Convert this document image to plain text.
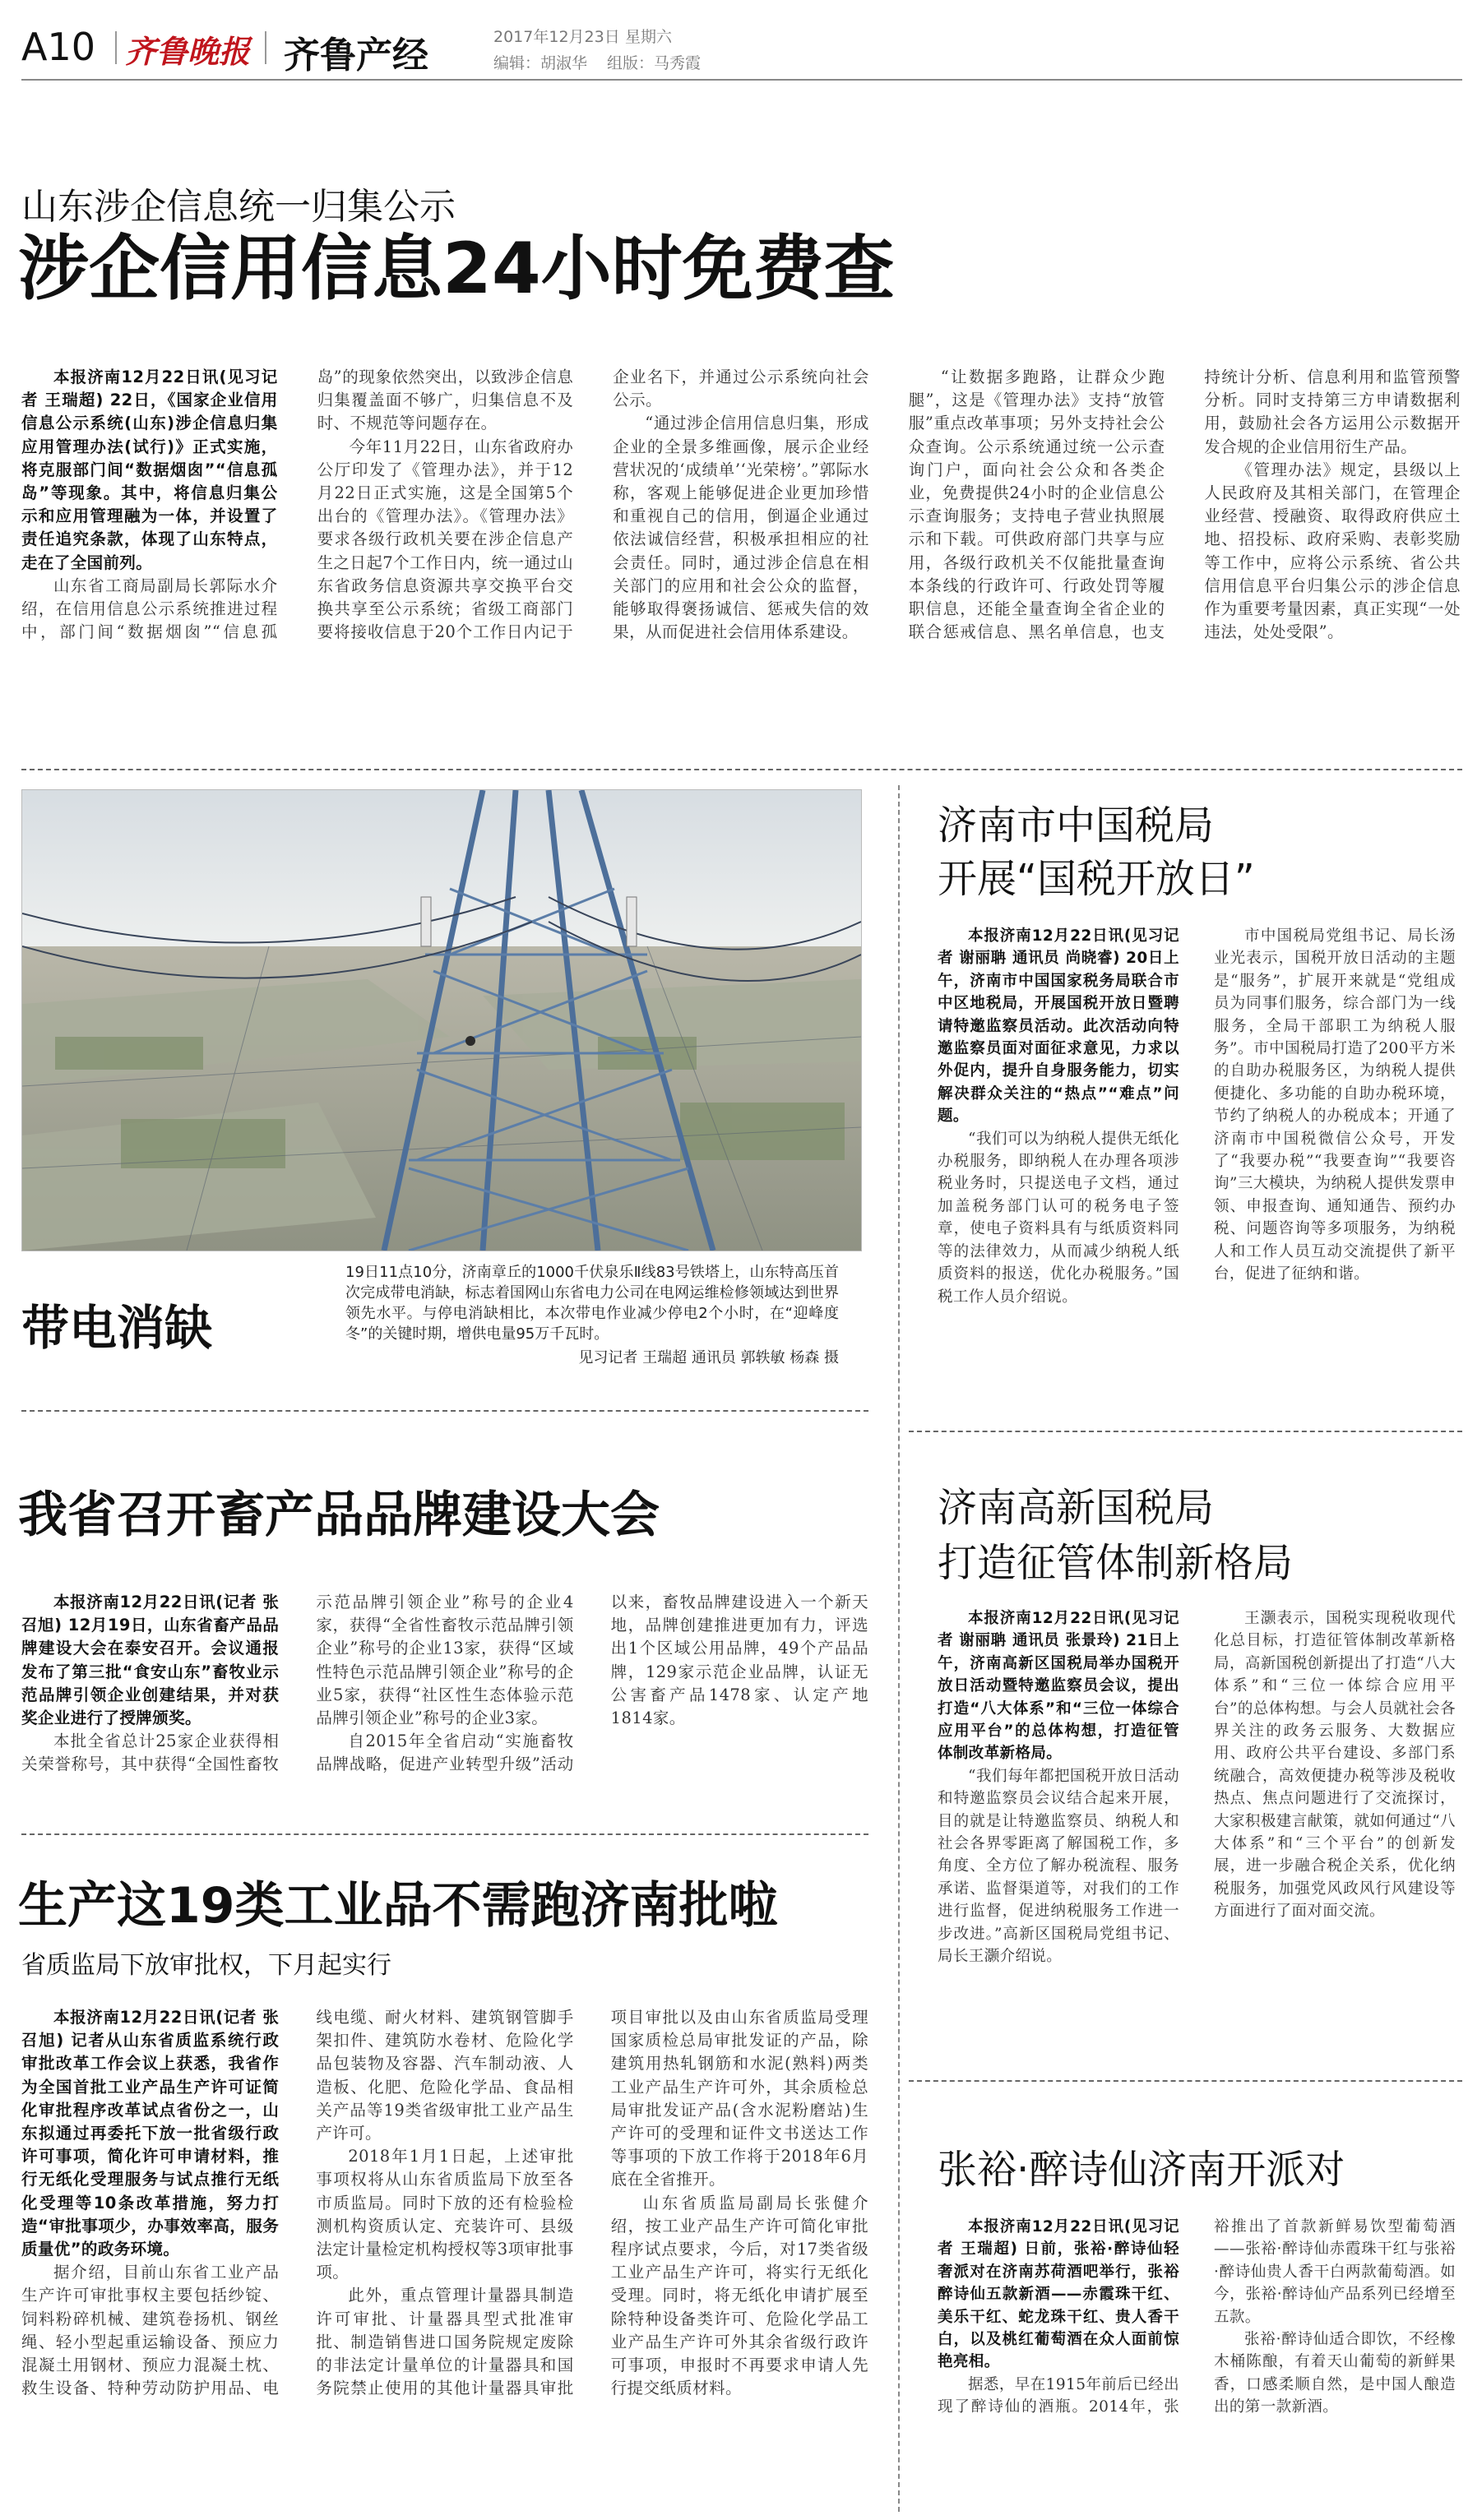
A10 齐鲁晚报 齐鲁产经	2017年12月23日 星期六
编辑：胡淑华 组版：马秀霞
山东涉企信息统一归集公示
涉企信用信息24小时免费查

本报济南12月22日讯(见习记者 王瑞超) 22日，《国家企业信用信息公示系统(山东)涉企信息归集应用管理办法(试行)》正式实施，将克服部门间“数据烟囱”“信息孤岛”等现象。其中，将信息归集公示和应用管理融为一体，并设置了责任追究条款，体现了山东特点，走在了全国前列。

山东省工商局副局长郭际水介绍，在信用信息公示系统推进过程中，部门间“数据烟囱”“信息孤岛”的现象依然突出，以致涉企信息归集覆盖面不够广，归集信息不及时、不规范等问题存在。

今年11月22日，山东省政府办公厅印发了《管理办法》，并于12月22日正式实施，这是全国第5个出台的《管理办法》。《管理办法》要求各级行政机关要在涉企信息产生之日起7个工作日内，统一通过山东省政务信息资源共享交换平台交换共享至公示系统；省级工商部门要将接收信息于20个工作日内记于企业名下，并通过公示系统向社会公示。

“通过涉企信用信息归集，形成企业的全景多维画像，展示企业经营状况的‘成绩单’‘光荣榜’。”郭际水称，客观上能够促进企业更加珍惜和重视自己的信用，倒逼企业通过依法诚信经营，积极承担相应的社会责任。同时，通过涉企信息在相关部门的应用和社会公众的监督，能够取得褒扬诚信、惩戒失信的效果，从而促进社会信用体系建设。

“让数据多跑路，让群众少跑腿”，这是《管理办法》支持“放管服”重点改革事项；另外支持社会公众查询。公示系统通过统一公示查询门户，面向社会公众和各类企业，免费提供24小时的企业信息公示查询服务；支持电子营业执照展示和下载。可供政府部门共享与应用，各级行政机关不仅能批量查询本条线的行政许可、行政处罚等履职信息，还能全量查询全省企业的联合惩戒信息、黑名单信息，也支持统计分析、信息利用和监管预警分析。同时支持第三方申请数据利用，鼓励社会各方运用公示数据开发合规的企业信用衍生产品。

《管理办法》规定，县级以上人民政府及其相关部门，在管理企业经营、授融资、取得政府供应土地、招投标、政府采购、表彰奖励等工作中，应将公示系统、省公共信用信息平台归集公示的涉企信息作为重要考量因素，真正实现“一处违法，处处受限”。

19日11点10分，济南章丘的1000千伏泉乐Ⅱ线83号铁塔上，山东特高压首次完成带电消缺，标志着国网山东省电力公司在电网运维检修领域达到世界领先水平。与停电消缺相比，本次带电作业减少停电2个小时，在“迎峰度冬”的关键时期，增供电量95万千瓦时。
见习记者 王瑞超 通讯员 郭轶敏 杨森 摄
带电消缺
济南市中国税局
开展“国税开放日”

本报济南12月22日讯(见习记者 谢丽聃 通讯员 尚晓睿) 20日上午，济南市中国国家税务局联合市中区地税局，开展国税开放日暨聘请特邀监察员活动。此次活动向特邀监察员面对面征求意见，力求以外促内，提升自身服务能力，切实解决群众关注的“热点”“难点”问题。

“我们可以为纳税人提供无纸化办税服务，即纳税人在办理各项涉税业务时，只提送电子文档，通过加盖税务部门认可的税务电子签章，使电子资料具有与纸质资料同等的法律效力，从而减少纳税人纸质资料的报送，优化办税服务。”国税工作人员介绍说。

市中国税局党组书记、局长汤业光表示，国税开放日活动的主题是“服务”，扩展开来就是“党组成员为同事们服务，综合部门为一线服务，全局干部职工为纳税人服务”。市中国税局打造了200平方米的自助办税服务区，为纳税人提供便捷化、多功能的自助办税环境，节约了纳税人的办税成本；开通了济南市中国税微信公众号，开发了“我要办税”“我要查询”“我要咨询”三大模块，为纳税人提供发票申领、申报查询、通知通告、预约办税、问题咨询等多项服务，为纳税人和工作人员互动交流提供了新平台，促进了征纳和谐。

我省召开畜产品品牌建设大会

本报济南12月22日讯(记者 张召旭) 12月19日，山东省畜产品品牌建设大会在泰安召开。会议通报发布了第三批“食安山东”畜牧业示范品牌引领企业创建结果，并对获奖企业进行了授牌颁奖。

本批全省总计25家企业获得相关荣誉称号，其中获得“全国性畜牧示范品牌引领企业”称号的企业4家，获得“全省性畜牧示范品牌引领企业”称号的企业13家，获得“区域性特色示范品牌引领企业”称号的企业5家，获得“社区性生态体验示范品牌引领企业”称号的企业3家。

自2015年全省启动“实施畜牧品牌战略，促进产业转型升级”活动以来，畜牧品牌建设进入一个新天地，品牌创建推进更加有力，评选出1个区域公用品牌，49个产品品牌，129家示范企业品牌，认证无公害畜产品1478家、认定产地1814家。

生产这19类工业品不需跑济南批啦
省质监局下放审批权，下月起实行

本报济南12月22日讯(记者 张召旭) 记者从山东省质监系统行政审批改革工作会议上获悉，我省作为全国首批工业产品生产许可证简化审批程序改革试点省份之一，山东拟通过再委托下放一批省级行政许可事项，简化许可申请材料，推行无纸化受理服务与试点推行无纸化受理等10条改革措施，努力打造“审批事项少，办事效率高，服务质量优”的政务环境。

据介绍，目前山东省工业产品生产许可审批事权主要包括纱锭、饲料粉碎机械、建筑卷扬机、钢丝绳、轻小型起重运输设备、预应力混凝土用钢材、预应力混凝土枕、救生设备、特种劳动防护用品、电线电缆、耐火材料、建筑钢管脚手架扣件、建筑防水卷材、危险化学品包装物及容器、汽车制动液、人造板、化肥、危险化学品、食品相关产品等19类省级审批工业产品生产许可。

2018年1月1日起，上述审批事项权将从山东省质监局下放至各市质监局。同时下放的还有检验检测机构资质认定、充装许可、县级法定计量检定机构授权等3项审批事项。

此外，重点管理计量器具制造许可审批、计量器具型式批准审批、制造销售进口国务院规定废除的非法定计量单位的计量器具和国务院禁止使用的其他计量器具审批项目审批以及由山东省质监局受理国家质检总局审批发证的产品，除建筑用热轧钢筋和水泥(熟料)两类工业产品生产许可外，其余质检总局审批发证产品(含水泥粉磨站)生产许可的受理和证件文书送达工作等事项的下放工作将于2018年6月底在全省推开。

山东省质监局副局长张健介绍，按工业产品生产许可简化审批程序试点要求，今后，对17类省级工业产品生产许可，将实行无纸化受理。同时，将无纸化申请扩展至除特种设备类许可、危险化学品工业产品生产许可外其余省级行政许可事项，申报时不再要求申请人先行提交纸质材料。

济南高新国税局
打造征管体制新格局

本报济南12月22日讯(见习记者 谢丽聃 通讯员 张景玲) 21日上午，济南高新区国税局举办国税开放日活动暨特邀监察员会议，提出打造“八大体系”和“三位一体综合应用平台”的总体构想，打造征管体制改革新格局。

“我们每年都把国税开放日活动和特邀监察员会议结合起来开展，目的就是让特邀监察员、纳税人和社会各界零距离了解国税工作，多角度、全方位了解办税流程、服务承诺、监督渠道等，对我们的工作进行监督，促进纳税服务工作进一步改进。”高新区国税局党组书记、局长王灏介绍说。

王灏表示，国税实现税收现代化总目标，打造征管体制改革新格局，高新国税创新提出了打造“八大体系”和“三位一体综合应用平台”的总体构想。与会人员就社会各界关注的政务云服务、大数据应用、政府公共平台建设、多部门系统融合，高效便捷办税等涉及税收热点、焦点问题进行了交流探讨，大家积极建言献策，就如何通过“八大体系”和“三个平台”的创新发展，进一步融合税企关系，优化纳税服务，加强党风政风行风建设等方面进行了面对面交流。

张裕·醉诗仙济南开派对

本报济南12月22日讯(见习记者 王瑞超) 日前，张裕·醉诗仙轻奢派对在济南苏荷酒吧举行，张裕醉诗仙五款新酒——赤霞珠干红、美乐干红、蛇龙珠干红、贵人香干白，以及桃红葡萄酒在众人面前惊艳亮相。

据悉，早在1915年前后已经出现了醉诗仙的酒瓶。2014年，张裕推出了首款新鲜易饮型葡萄酒——张裕·醉诗仙赤霞珠干红与张裕·醉诗仙贵人香干白两款葡萄酒。如今，张裕·醉诗仙产品系列已经增至五款。

张裕·醉诗仙适合即饮，不经橡木桶陈酿，有着天山葡萄的新鲜果香，口感柔顺自然，是中国人酿造出的第一款新酒。
